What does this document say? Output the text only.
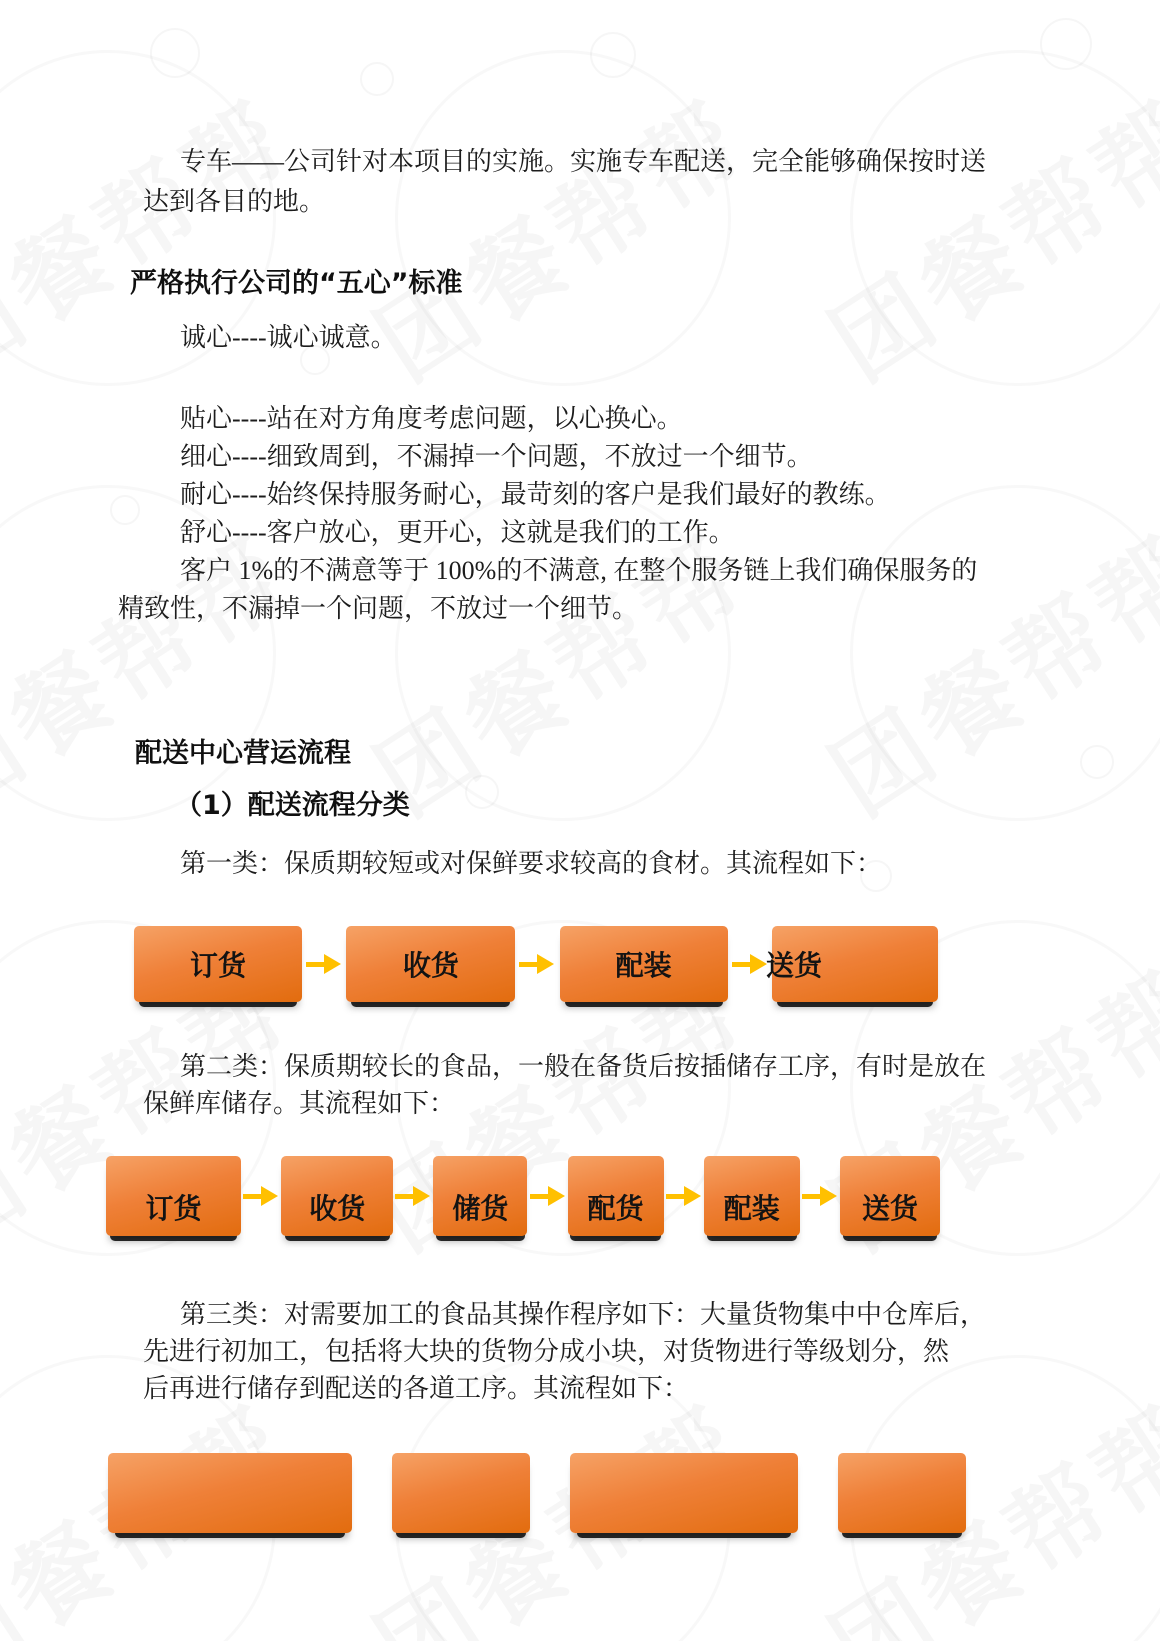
专车——公司针对本项目的实施。实施专车配送，完全能够确保按时送
达到各目的地。
严格执行公司的“五心”标准
诚心----诚心诚意。
贴心----站在对方角度考虑问题，以心换心。
细心----细致周到，不漏掉一个问题，不放过一个细节。
耐心----始终保持服务耐心，最苛刻的客户是我们最好的教练。
舒心----客户放心，更开心，这就是我们的工作。
客户 1%的不满意等于 100%的不满意, 在整个服务链上我们确保服务的
精致性，不漏掉一个问题，不放过一个细节。
配送中心营运流程
（1）配送流程分类
第一类：保质期较短或对保鲜要求较高的食材。其流程如下：
订货	收货	配装	送货
第二类：保质期较长的食品，一般在备货后按插储存工序，有时是放在
保鲜库储存。其流程如下：
订货	收货	储货	配货	配装	送货
第三类：对需要加工的食品其操作程序如下：大量货物集中中仓库后，
先进行初加工，包括将大块的货物分成小块，对货物进行等级划分，然
后再进行储存到配送的各道工序。其流程如下：
